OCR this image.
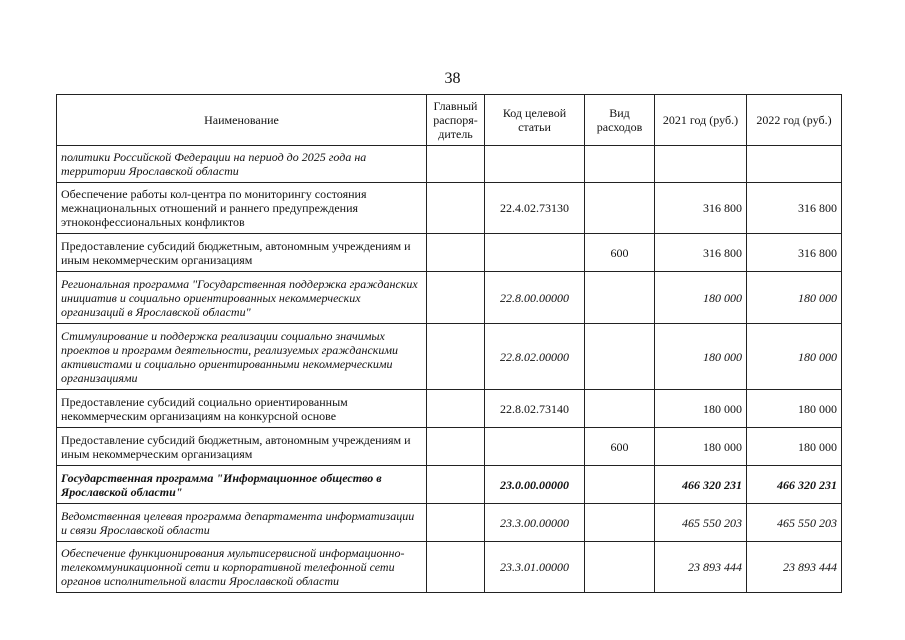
38
Наименование	Главный распоря-дитель	Код целевой статьи	Вид расходов	2021 год (руб.)	2022 год (руб.)
политики Российской Федерации на период до 2025 года на территории Ярославской области					
Обеспечение работы кол-центра по мониторингу состояния межнациональных отношений и раннего предупреждения этноконфессиональных конфликтов		22.4.02.73130		316 800	316 800
Предоставление субсидий бюджетным, автономным учреждениям и иным некоммерческим организациям			600	316 800	316 800
Региональная программа "Государственная поддержка гражданских инициатив и социально ориентированных некоммерческих организаций в Ярославской области"		22.8.00.00000		180 000	180 000
Стимулирование и поддержка реализации социально значимых проектов и программ деятельности, реализуемых гражданскими активистами и социально ориентированными некоммерческими организациями		22.8.02.00000		180 000	180 000
Предоставление субсидий социально ориентированным некоммерческим организациям на конкурсной основе		22.8.02.73140		180 000	180 000
Предоставление субсидий бюджетным, автономным учреждениям и иным некоммерческим организациям			600	180 000	180 000
Государственная программа "Информационное общество в Ярославской области"		23.0.00.00000		466 320 231	466 320 231
Ведомственная целевая программа департамента информатизации и связи Ярославской области		23.3.00.00000		465 550 203	465 550 203
Обеспечение функционирования мультисервисной информационно-телекоммуникационной сети и корпоративной телефонной сети органов исполнительной власти Ярославской области		23.3.01.00000		23 893 444	23 893 444
